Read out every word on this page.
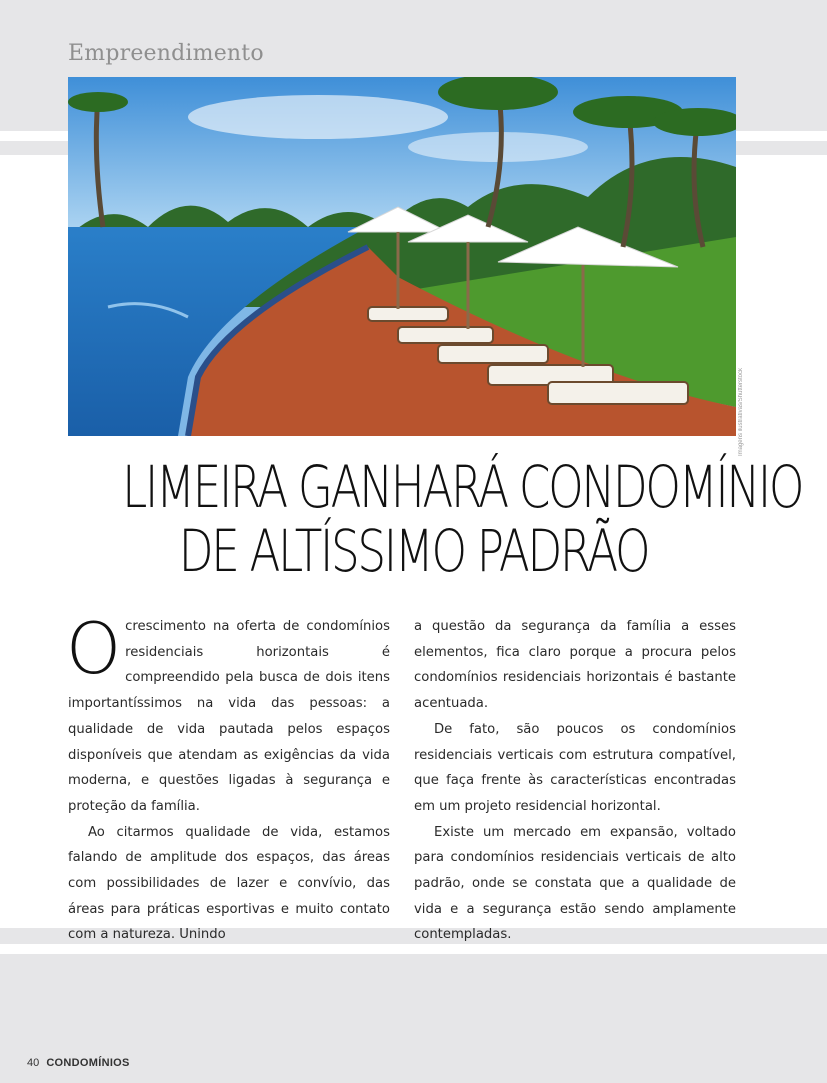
Empreendimento
Imagens ilustrativas/Shutterstock
LIMEIRA GANHARÁ CONDOMÍNIO
DE ALTÍSSIMO PADRÃO

Ocrescimento na oferta de condomínios residenciais horizontais é compreendido pela busca de dois itens importantíssimos na vida das pessoas: a qualidade de vida pautada pelos espaços disponíveis que atendam as exigências da vida moderna, e questões ligadas à segurança e proteção da família.

Ao citarmos qualidade de vida, estamos falando de amplitude dos espaços, das áreas com possibilidades de lazer e convívio, das áreas para práticas esportivas e muito contato com a natureza. Unindo

a questão da segurança da família a esses elementos, fica claro porque a procura pelos condomínios residenciais horizontais é bastante acentuada.

De fato, são poucos os condomínios residenciais verticais com estrutura compatível, que faça frente às características encontradas em um projeto residencial horizontal.

Existe um mercado em expansão, voltado para condomínios residenciais verticais de alto padrão, onde se constata que a qualidade de vida e a segurança estão sendo amplamente contempladas.

40 CONDOMÍNIOS
